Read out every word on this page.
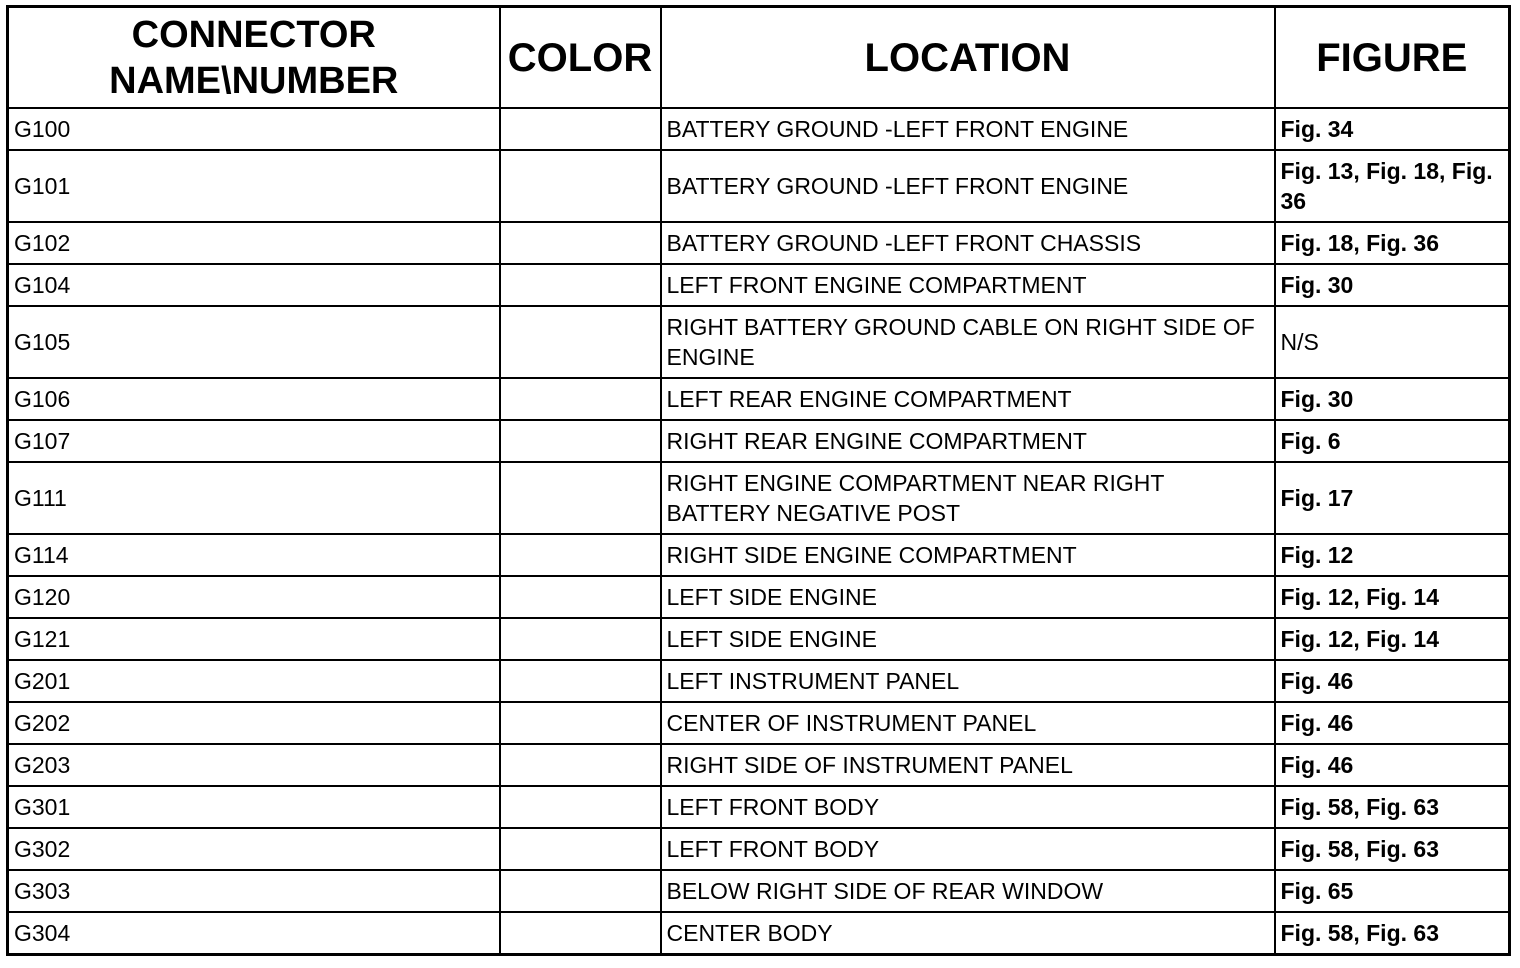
CONNECTOR
NAME\NUMBER	COLOR	LOCATION	FIGURE
G100		BATTERY GROUND -LEFT FRONT ENGINE	Fig. 34
G101		BATTERY GROUND -LEFT FRONT ENGINE	Fig. 13, Fig. 18, Fig. 36
G102		BATTERY GROUND -LEFT FRONT CHASSIS	Fig. 18, Fig. 36
G104		LEFT FRONT ENGINE COMPARTMENT	Fig. 30
G105		RIGHT BATTERY GROUND CABLE ON RIGHT SIDE OF ENGINE	N/S
G106		LEFT REAR ENGINE COMPARTMENT	Fig. 30
G107		RIGHT REAR ENGINE COMPARTMENT	Fig. 6
G111		RIGHT ENGINE COMPARTMENT NEAR RIGHT BATTERY NEGATIVE POST	Fig. 17
G114		RIGHT SIDE ENGINE COMPARTMENT	Fig. 12
G120		LEFT SIDE ENGINE	Fig. 12, Fig. 14
G121		LEFT SIDE ENGINE	Fig. 12, Fig. 14
G201		LEFT INSTRUMENT PANEL	Fig. 46
G202		CENTER OF INSTRUMENT PANEL	Fig. 46
G203		RIGHT SIDE OF INSTRUMENT PANEL	Fig. 46
G301		LEFT FRONT BODY	Fig. 58, Fig. 63
G302		LEFT FRONT BODY	Fig. 58, Fig. 63
G303		BELOW RIGHT SIDE OF REAR WINDOW	Fig. 65
G304		CENTER BODY	Fig. 58, Fig. 63
